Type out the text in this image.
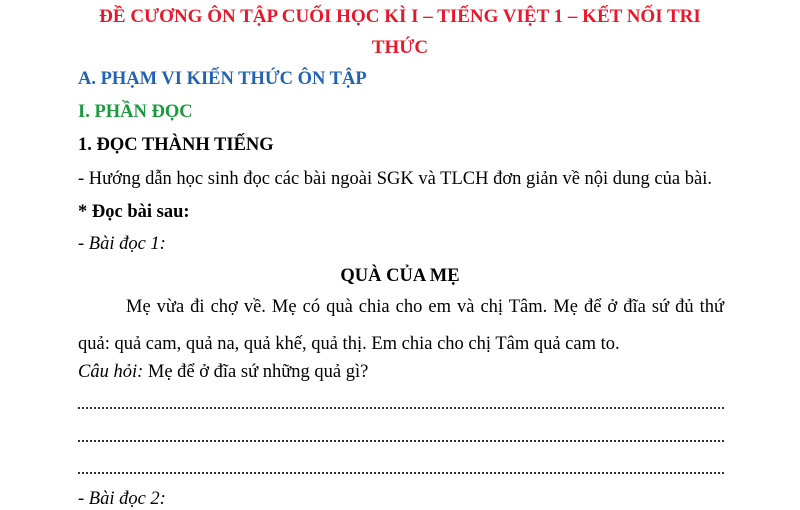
ĐỀ CƯƠNG ÔN TẬP CUỐI HỌC KÌ I – TIẾNG VIỆT 1 – KẾT NỐI TRI
THỨC
A. PHẠM VI KIẾN THỨC ÔN TẬP
I. PHẦN ĐỌC
1. ĐỌC THÀNH TIẾNG
- Hướng dẫn học sinh đọc các bài ngoài SGK và TLCH đơn giản về nội dung của bài.
* Đọc bài sau:
- Bài đọc 1:
QUÀ CỦA MẸ
Mẹ vừa đi chợ về. Mẹ có quà chia cho em và chị Tâm. Mẹ để ở đĩa sứ đủ thứ quả: quả cam, quả na, quả khế, quả thị. Em chia cho chị Tâm quả cam to.
Câu hỏi: Mẹ để ở đĩa sứ những quả gì?
- Bài đọc 2:
